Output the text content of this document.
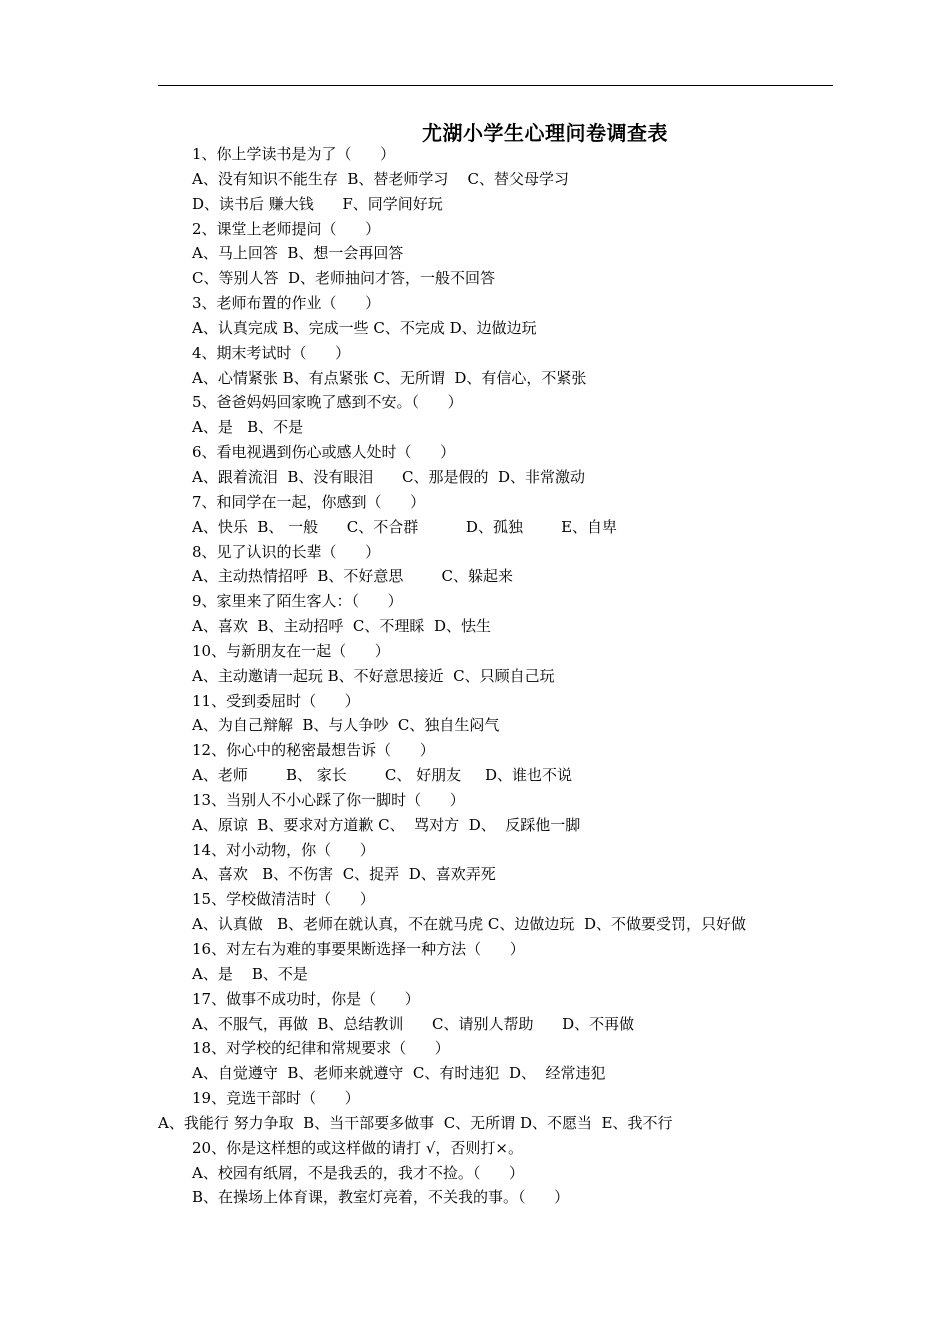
尤湖小学生心理问卷调查表
1、你上学读书是为了（      ）
A、没有知识不能生存  B、替老师学习    C、替父母学习
D、读书后 赚大钱      F、同学间好玩
2、课堂上老师提问（      ）
A、马上回答  B、想一会再回答
C、等别人答  D、老师抽问才答，一般不回答
3、老师布置的作业（      ）
A、认真完成 B、完成一些 C、不完成 D、边做边玩
4、期末考试时（      ）
A、心情紧张 B、有点紧张 C、无所谓  D、有信心，不紧张
5、爸爸妈妈回家晚了感到不安。（      ）
A、是   B、不是
6、看电视遇到伤心或感人处时（      ）
A、跟着流泪  B、没有眼泪      C、那是假的  D、非常激动
7、和同学在一起，你感到（      ）
A、快乐  B、 一般      C、不合群          D、孤独        E、自卑
8、见了认识的长辈（      ）
A、主动热情招呼  B、不好意思        C、躲起来
9、家里来了陌生客人：（      ）
A、喜欢  B、主动招呼  C、不理睬  D、怯生
10、与新朋友在一起（      ）
A、主动邀请一起玩 B、不好意思接近  C、只顾自己玩
11、受到委屈时（      ）
A、为自己辩解  B、与人争吵  C、独自生闷气
12、你心中的秘密最想告诉（      ）
A、老师        B、 家长        C、 好朋友     D、谁也不说
13、当别人不小心踩了你一脚时（      ）
A、原谅  B、要求对方道歉 C、  骂对方  D、  反踩他一脚
14、对小动物，你（      ）
A、喜欢   B、不伤害  C、捉弄  D、喜欢弄死
15、学校做清洁时（      ）
A、认真做   B、老师在就认真，不在就马虎 C、边做边玩  D、不做要受罚，只好做
16、对左右为难的事要果断选择一种方法（      ）
A、是    B、不是
17、做事不成功时，你是（      ）
A、不服气，再做  B、总结教训      C、请别人帮助      D、不再做
18、对学校的纪律和常规要求（      ）
A、自觉遵守  B、老师来就遵守  C、有时违犯  D、  经常违犯
19、竞选干部时（      ）
A、我能行 努力争取  B、当干部要多做事  C、无所谓 D、不愿当  E、我不行
20、你是这样想的或这样做的请打 √，否则打×。
A、校园有纸屑，不是我丢的，我才不捡。（      ）
B、在操场上体育课，教室灯亮着，不关我的事。（      ）
